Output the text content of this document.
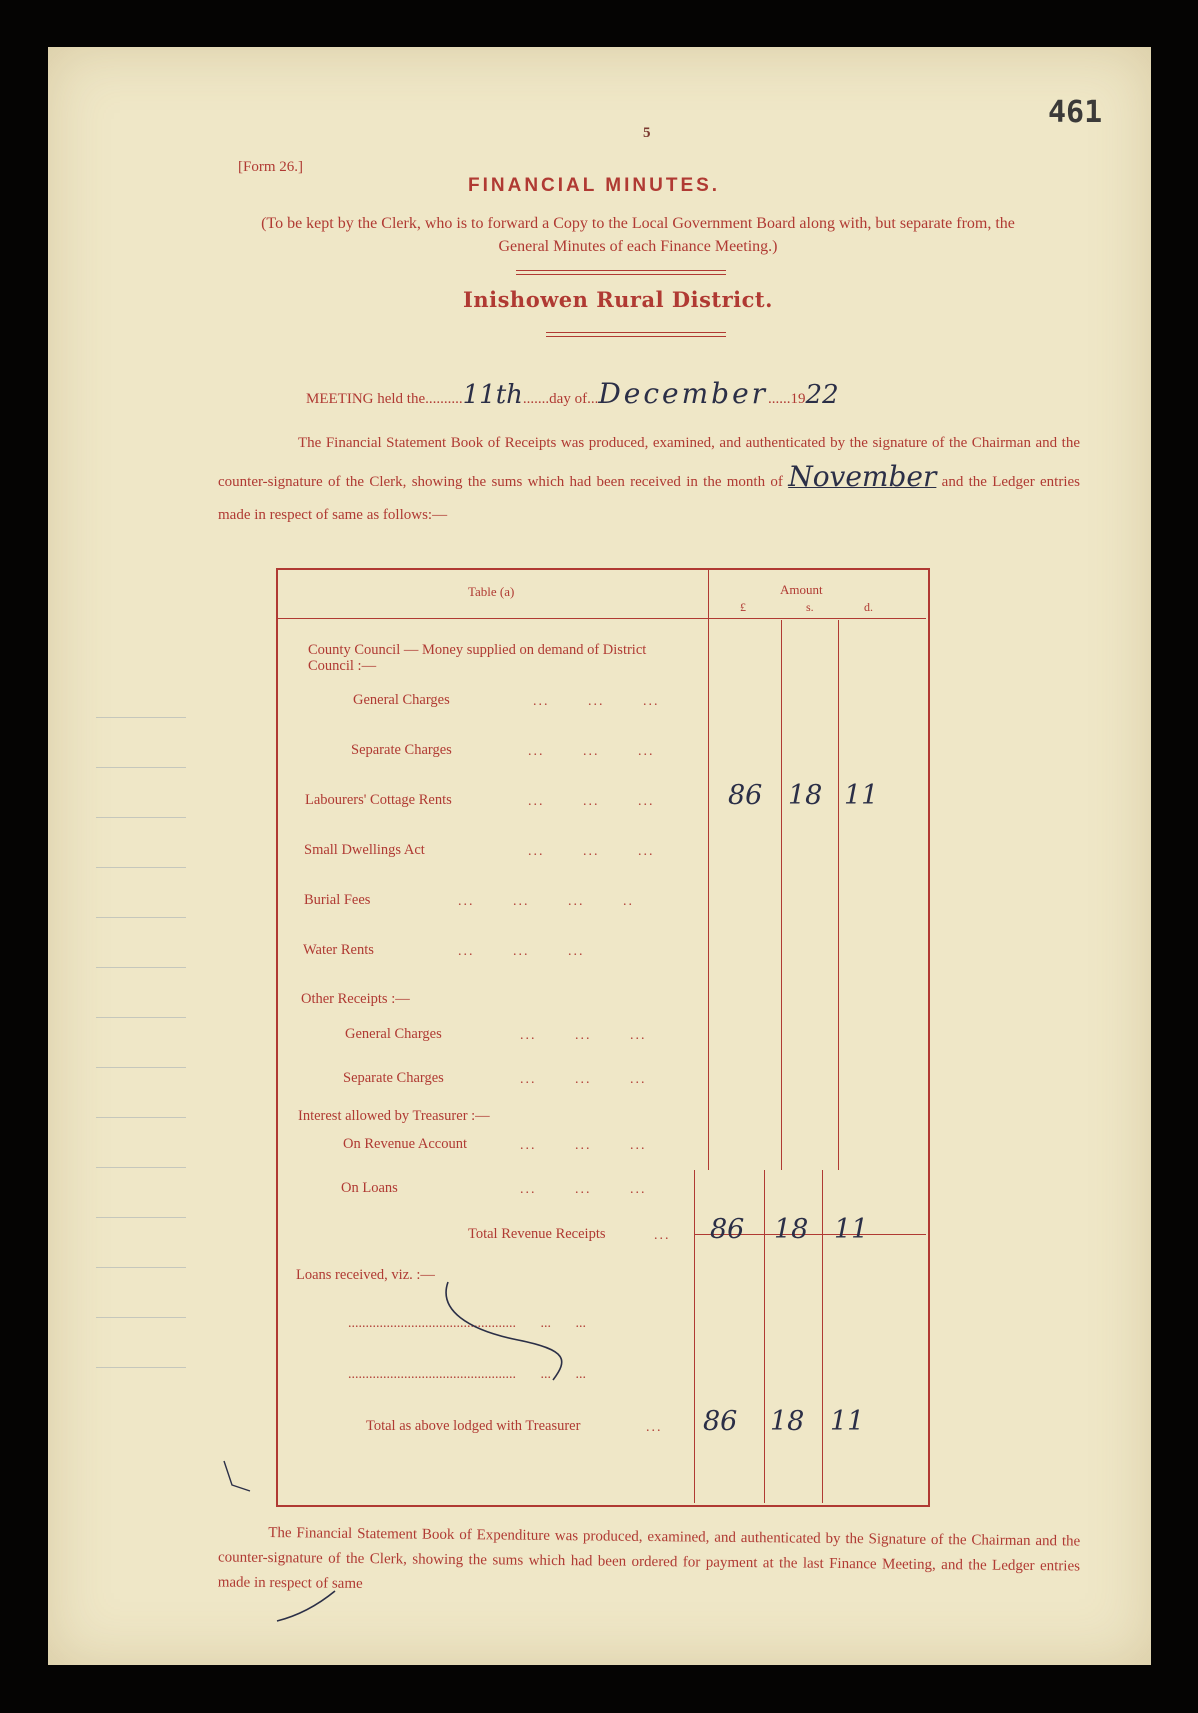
461
5
[Form 26.]
FINANCIAL MINUTES.
(To be kept by the Clerk, who is to forward a Copy to the Local Government Board along with, but separate from, the General Minutes of each Finance Meeting.)
Inishowen Rural District.
MEETING held the..........11th.......day of...December......1922
The Financial Statement Book of Receipts was produced, examined, and authenticated by the signature of the Chairman and the counter-signature of the Clerk, showing the sums which had been received in the month of November and the Ledger entries made in respect of same as follows:—
Table (a)	Amount
£	s.	d.
County Council — Money supplied on demand of District Council :—
General Charges	...       ...       ...
Separate Charges	...       ...       ...
Labourers' Cottage Rents	...       ...       ...	86 18 11
Small Dwellings Act	...       ...       ...
Burial Fees	...       ...       ...       ..
Water Rents	...       ...       ...
Other Receipts :—
General Charges	...       ...       ...
Separate Charges	...       ...       ...
Interest allowed by Treasurer :—
On Revenue Account	...       ...       ...
On Loans	...       ...       ...
Total Revenue Receipts	... 86 18 11
Loans received, viz. :—
................................................       ...       ...
................................................       ...       ...
Total as above lodged with Treasurer	... 86 18 11
The Financial Statement Book of Expenditure was produced, examined, and authenticated by the Signature of the Chairman and the counter-signature of the Clerk, showing the sums which had been ordered for payment at the last Finance Meeting, and the Ledger entries made in respect of same
